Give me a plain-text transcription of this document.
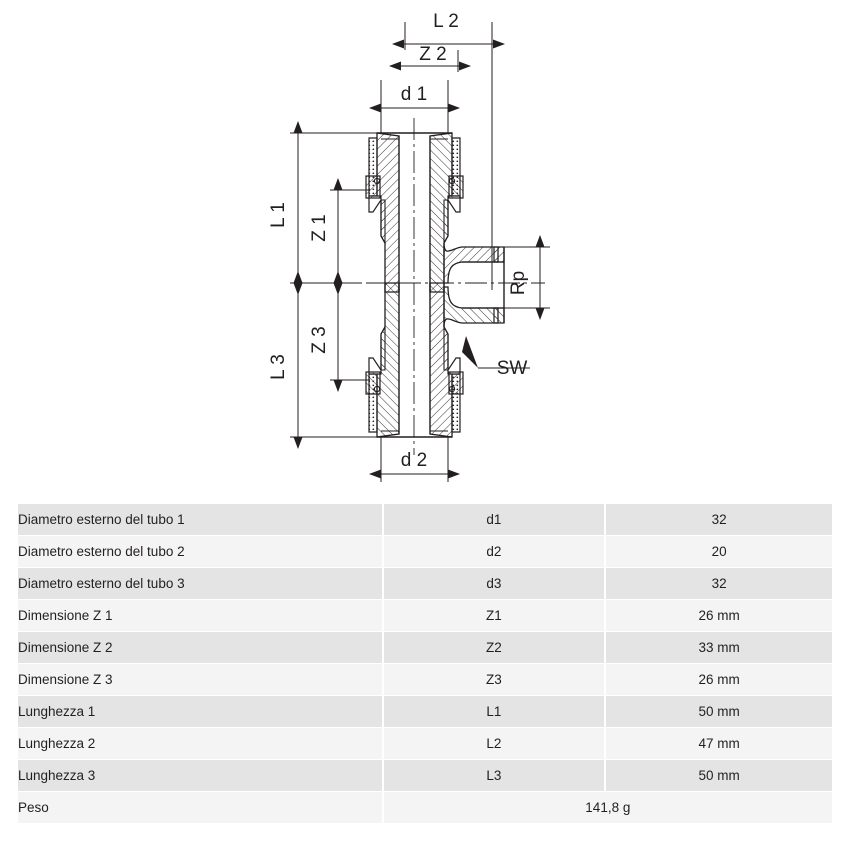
L 2
Z 2
d 1
L 1 Z 1
Z 3
L 3
Rp
SW
d 2
Diametro esterno del tubo 1	d1	32
Diametro esterno del tubo 2	d2	20
Diametro esterno del tubo 3	d3	32
Dimensione Z 1	Z1	26 mm
Dimensione Z 2	Z2	33 mm
Dimensione Z 3	Z3	26 mm
Lunghezza 1	L1	50 mm
Lunghezza 2	L2	47 mm
Lunghezza 3	L3	50 mm
Peso	141,8 g	
